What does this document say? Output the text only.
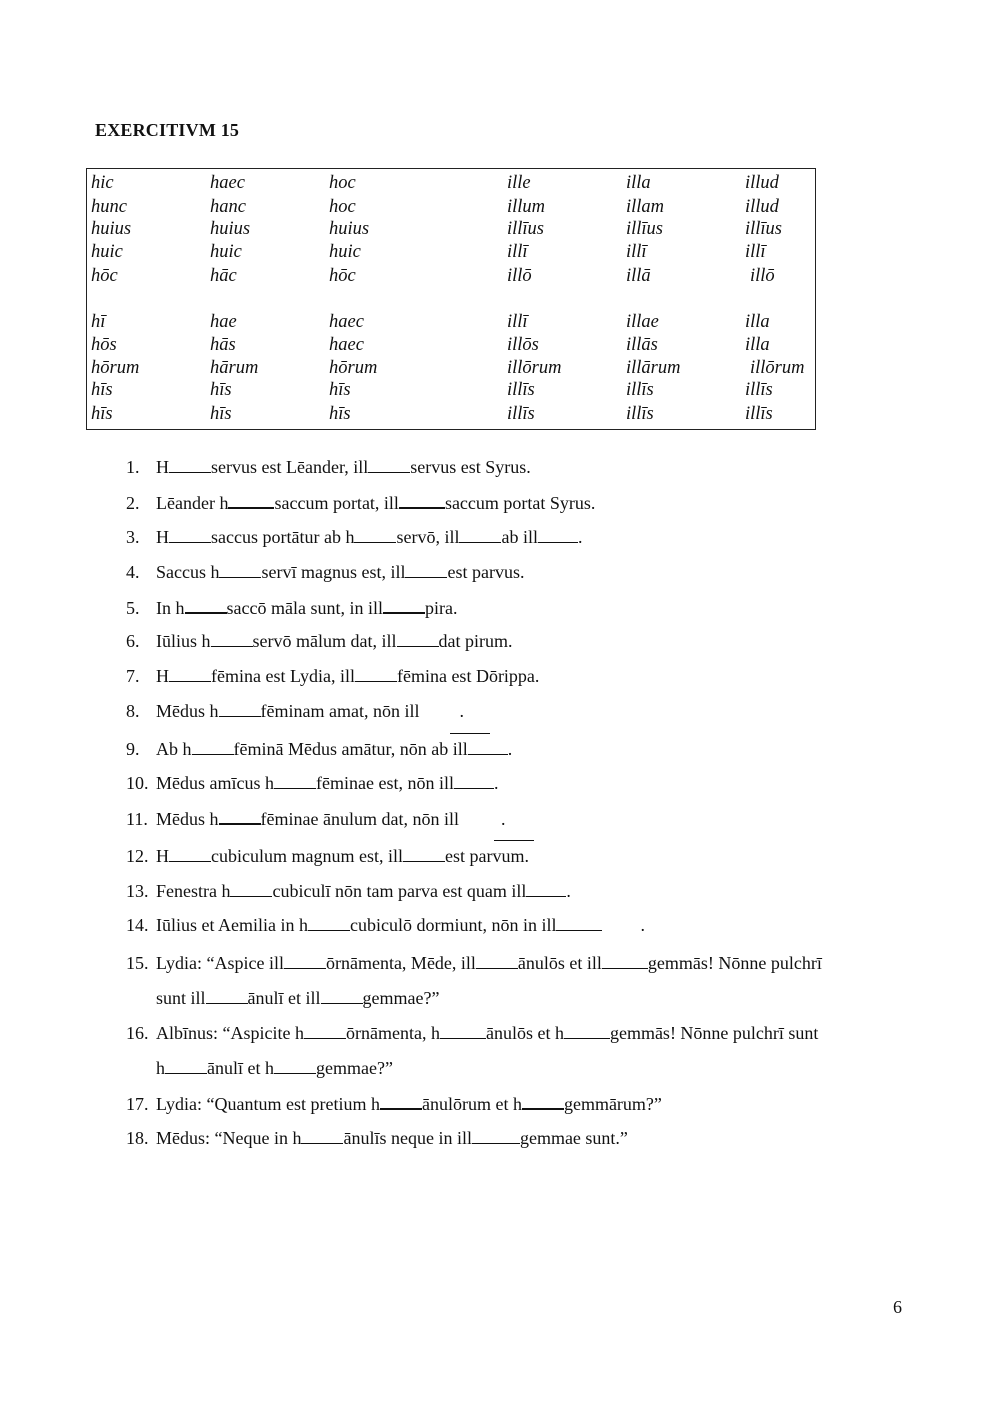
EXERCITIVM 15
hic	haec	hoc	ille	illa	illud
hunc	hanc	hoc	illum	illam	illud
huius	huius	huius	illīus	illīus	illīus
huic	huic	huic	illī	illī	illī
hōc	hāc	hōc	illō	illā	illō
hī	hae	haec	illī	illae	illa
hōs	hās	haec	illōs	illās	illa
hōrum	hārum	hōrum	illōrum	illārum	illōrum
hīs	hīs	hīs	illīs	illīs	illīs
hīs	hīs	hīs	illīs	illīs	illīs
1. H servus est Lēander, ill servus est Syrus.
2. Lēander h	saccum portat, ill	saccum portat Syrus.
3. H saccus portātur ab h servō, ill ab ill .
4. Saccus h servī magnus est, ill est parvus.
5. In h saccō māla sunt, in ill pira.
6. Iūlius h servō mālum dat, ill dat pirum.
7. H fēmina est Lydia, ill fēmina est Dōrippa.
8. Mēdus h fēminam amat, nōn ill .
9. Ab h fēminā Mēdus amātur, nōn ab ill .
10. Mēdus amīcus h fēminae est, nōn ill .
11. Mēdus h fēminae ānulum dat, nōn ill .
12. H cubiculum magnum est, ill est parvum.
13. Fenestra h cubiculī nōn tam parva est quam ill .
14. Iūlius et Aemilia in h cubiculō dormiunt, nōn in ill	.
15. Lydia: “Aspice ill ōrnāmenta, Mēde, ill ānulōs et ill	gemmās! Nōnne pulchrī
sunt ill ānulī et ill gemmae?”
16. Albīnus: “Aspicite h ōrnāmenta, h	ānulōs et h	gemmās! Nōnne pulchrī sunt
h ānulī et h gemmae?”
17. Lydia: “Quantum est pretium h ānulōrum et h gemmārum?”
18. Mēdus: “Neque in h ānulīs neque in ill	gemmae sunt.”
6
